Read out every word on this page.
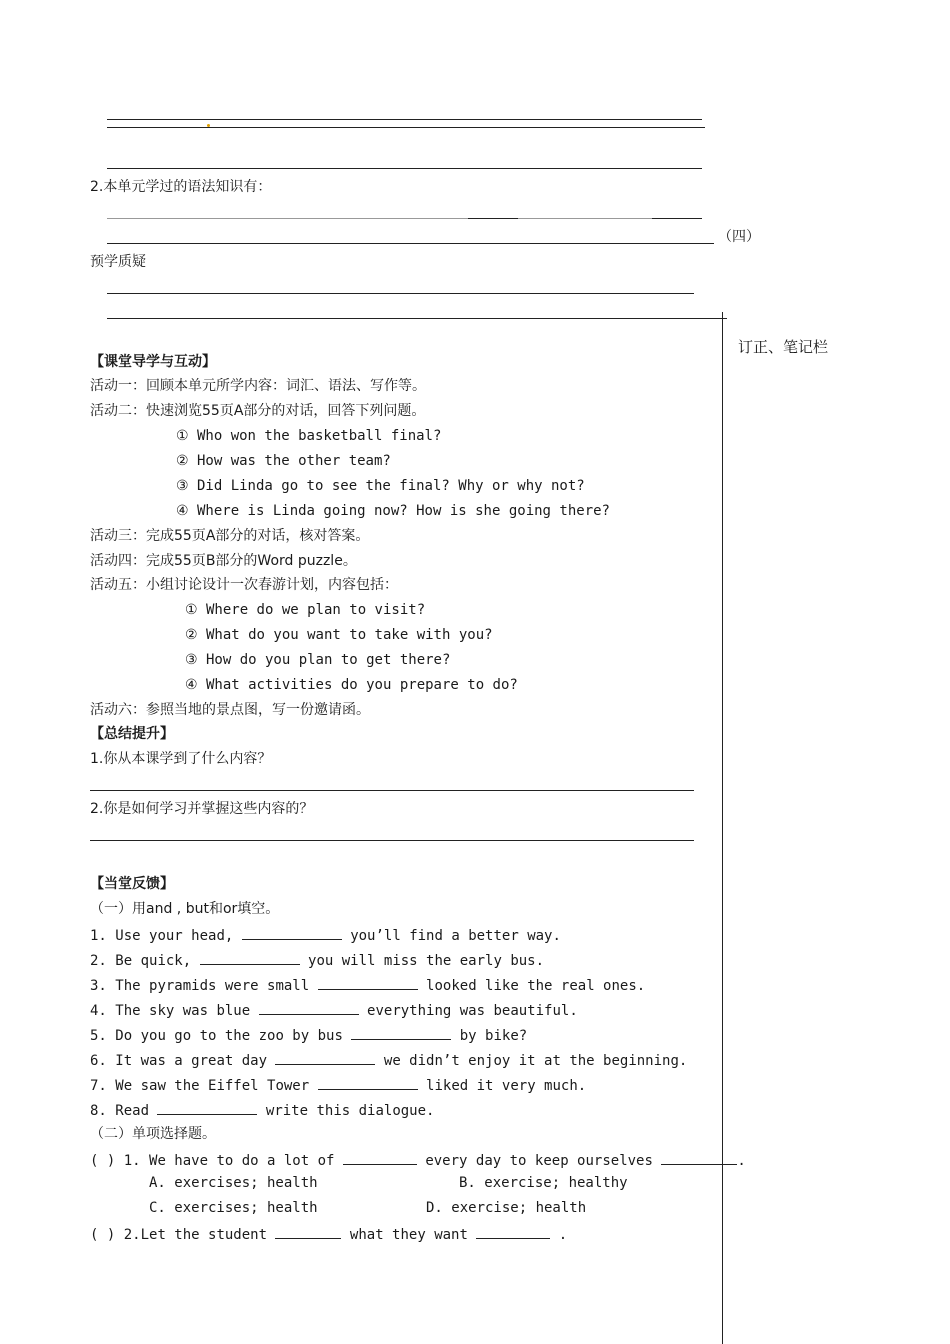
2.本单元学过的语法知识有：
（四）
预学质疑
订正、笔记栏
【课堂导学与互动】
活动一：回顾本单元所学内容：词汇、语法、写作等。
活动二：快速浏览55页A部分的对话，回答下列问题。
① Who won the basketball final?
② How was the other team?
③ Did Linda go to see the final? Why or why not?
④ Where is Linda going now? How is she going there?
活动三：完成55页A部分的对话，核对答案。
活动四：完成55页B部分的Word puzzle。
活动五：小组讨论设计一次春游计划，内容包括：
① Where do we plan to visit?
② What do you want to take with you?
③ How do you plan to get there?
④ What activities do you prepare to do?
活动六：参照当地的景点图，写一份邀请函。
【总结提升】
1.你从本课学到了什么内容？
2.你是如何学习并掌握这些内容的？
【当堂反馈】
（一）用and , but和or填空。
1. Use your head,	you’ll find a better way.
2. Be quick,	you will miss the early bus.
3. The pyramids were small	looked like the real ones.
4. The sky was blue	everything was beautiful.
5. Do you go to the zoo by bus	by bike?
6. It was a great day	we didn’t enjoy it at the beginning.
7. We saw the Eiffel Tower	liked it very much.
8. Read	write this dialogue.
（二）单项选择题。
( ) 1. We have to do a lot of	every day to keep ourselves	.
A. exercises; health	B. exercise; healthy
C. exercises; health	D. exercise; health
( ) 2.Let the student	what they want	.
